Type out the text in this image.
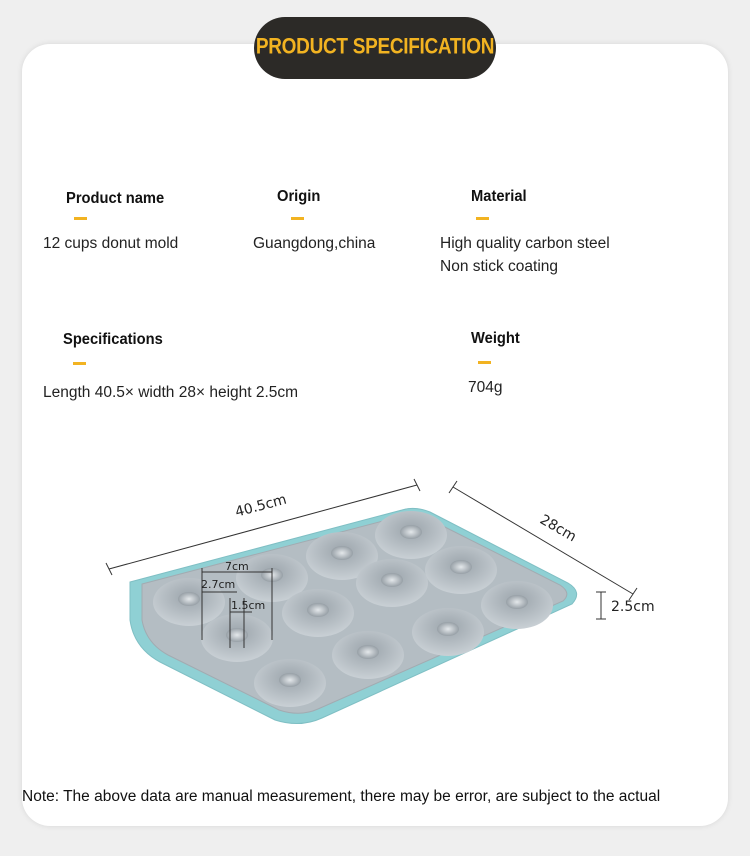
PRODUCT SPECIFICATION
Product name
12 cups donut mold
Origin
Guangdong,china
Material
High quality carbon steel
Non stick coating
Specifications
Length 40.5× width 28× height 2.5cm
Weight
704g
40.5cm
28cm
2.5cm
7cm
2.7cm
1.5cm
Note: The above data are manual measurement, there may be error, are subject to the actual
